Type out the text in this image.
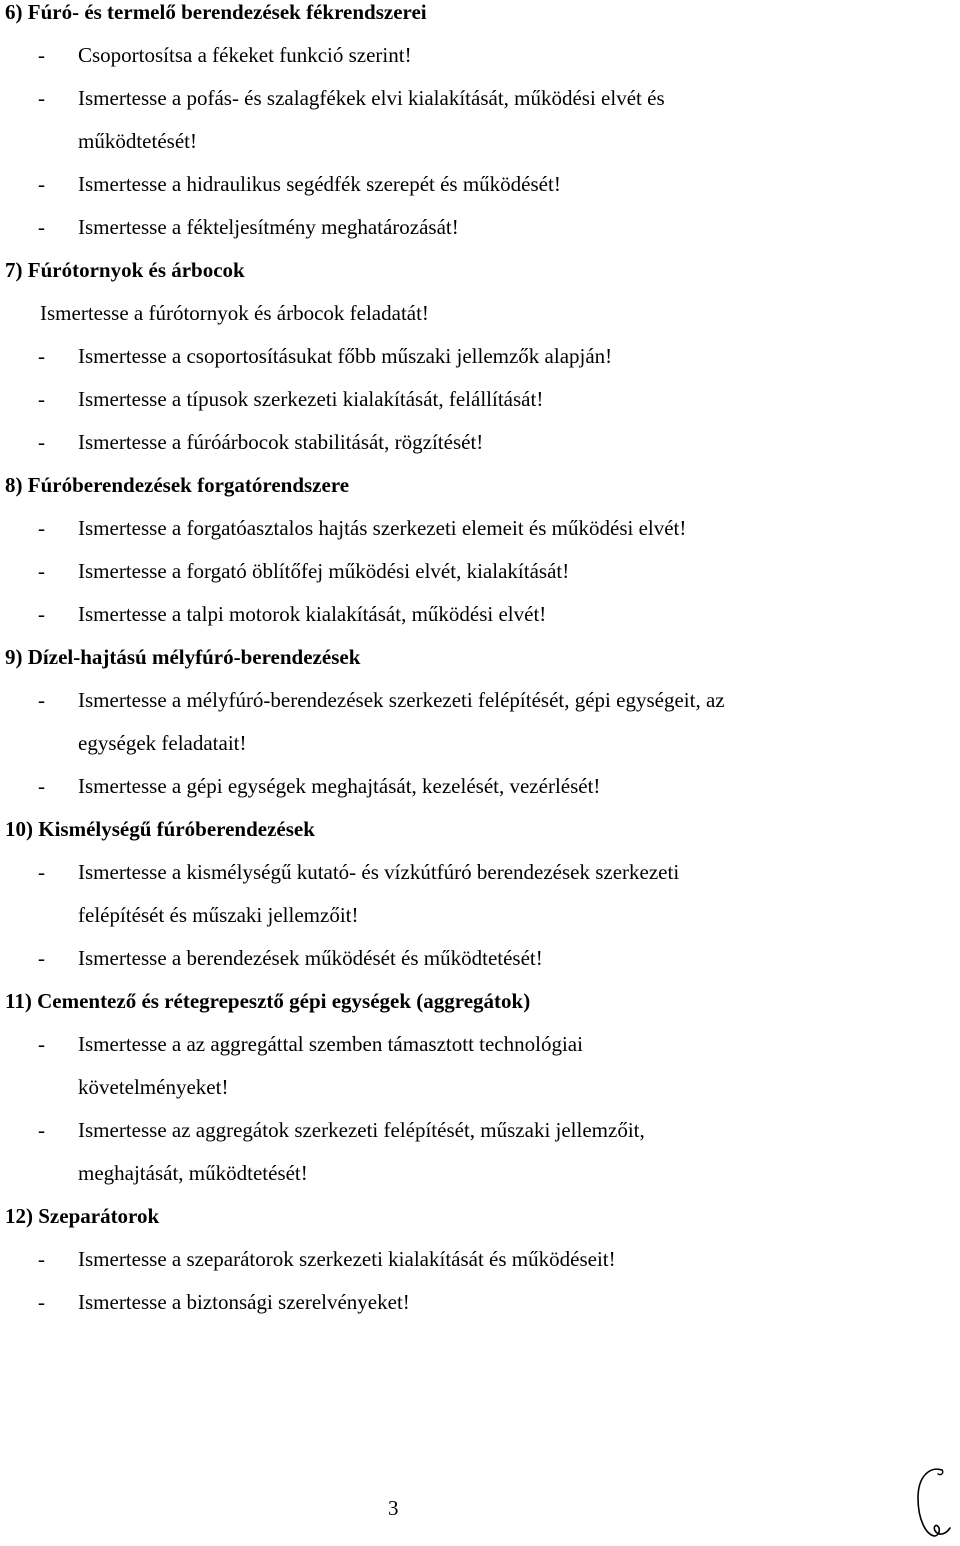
6) Fúró- és termelő berendezések fékrendszerei
- Csoportosítsa a fékeket funkció szerint!
- Ismertesse a pofás- és szalagfékek elvi kialakítását, működési elvét és
működtetését!
- Ismertesse a hidraulikus segédfék szerepét és működését!
- Ismertesse a fékteljesítmény meghatározását!
7) Fúrótornyok és árbocok
Ismertesse a fúrótornyok és árbocok feladatát!
- Ismertesse a csoportosításukat főbb műszaki jellemzők alapján!
- Ismertesse a típusok szerkezeti kialakítását, felállítását!
- Ismertesse a fúróárbocok stabilitását, rögzítését!
8) Fúróberendezések forgatórendszere
- Ismertesse a forgatóasztalos hajtás szerkezeti elemeit és működési elvét!
- Ismertesse a forgató öblítőfej működési elvét, kialakítását!
- Ismertesse a talpi motorok kialakítását, működési elvét!
9) Dízel-hajtású mélyfúró-berendezések
- Ismertesse a mélyfúró-berendezések szerkezeti felépítését, gépi egységeit, az
egységek feladatait!
- Ismertesse a gépi egységek meghajtását, kezelését, vezérlését!
10) Kismélységű fúróberendezések
- Ismertesse a kismélységű kutató- és vízkútfúró berendezések szerkezeti
felépítését és műszaki jellemzőit!
- Ismertesse a berendezések működését és működtetését!
11) Cementező és rétegrepesztő gépi egységek (aggregátok)
- Ismertesse a az aggregáttal szemben támasztott technológiai
követelményeket!
- Ismertesse az aggregátok szerkezeti felépítését, műszaki jellemzőit,
meghajtását, működtetését!
12) Szeparátorok
- Ismertesse a szeparátorok szerkezeti kialakítását és működéseit!
- Ismertesse a biztonsági szerelvényeket!
3
